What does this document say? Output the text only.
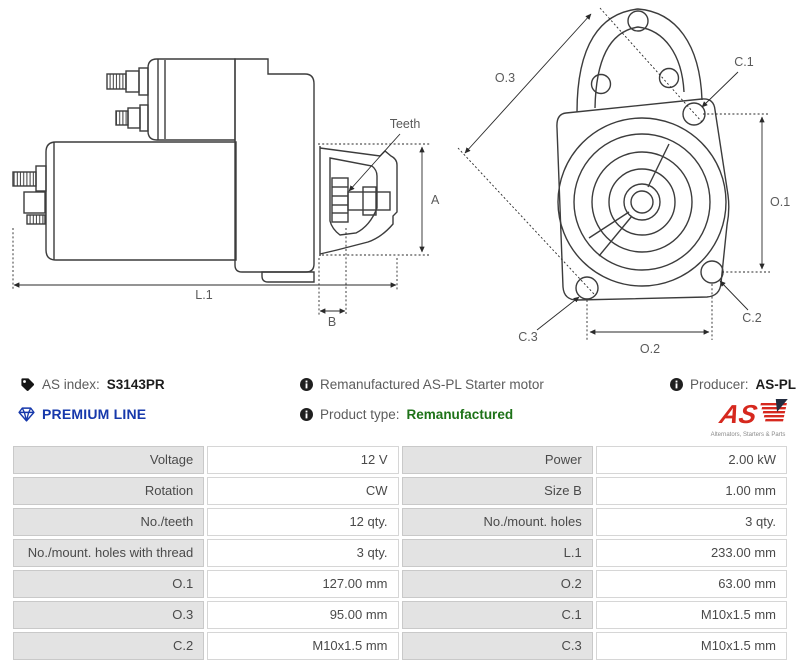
Teeth
A
L.1
B
O.3
C.1
O.1
C.2
C.3
O.2
AS index: S3143PR	Remanufactured AS-PL Starter motor	Producer: AS-PL
PREMIUM LINE	Product type: Remanufactured	AS
Alternators, Starters & Parts
Voltage	12 V	Power	2.00 kW
Rotation	CW	Size B	1.00 mm
No./teeth	12 qty.	No./mount. holes	3 qty.
No./mount. holes with thread	3 qty.	L.1	233.00 mm
O.1	127.00 mm	O.2	63.00 mm
O.3	95.00 mm	C.1	M10x1.5 mm
C.2	M10x1.5 mm	C.3	M10x1.5 mm
